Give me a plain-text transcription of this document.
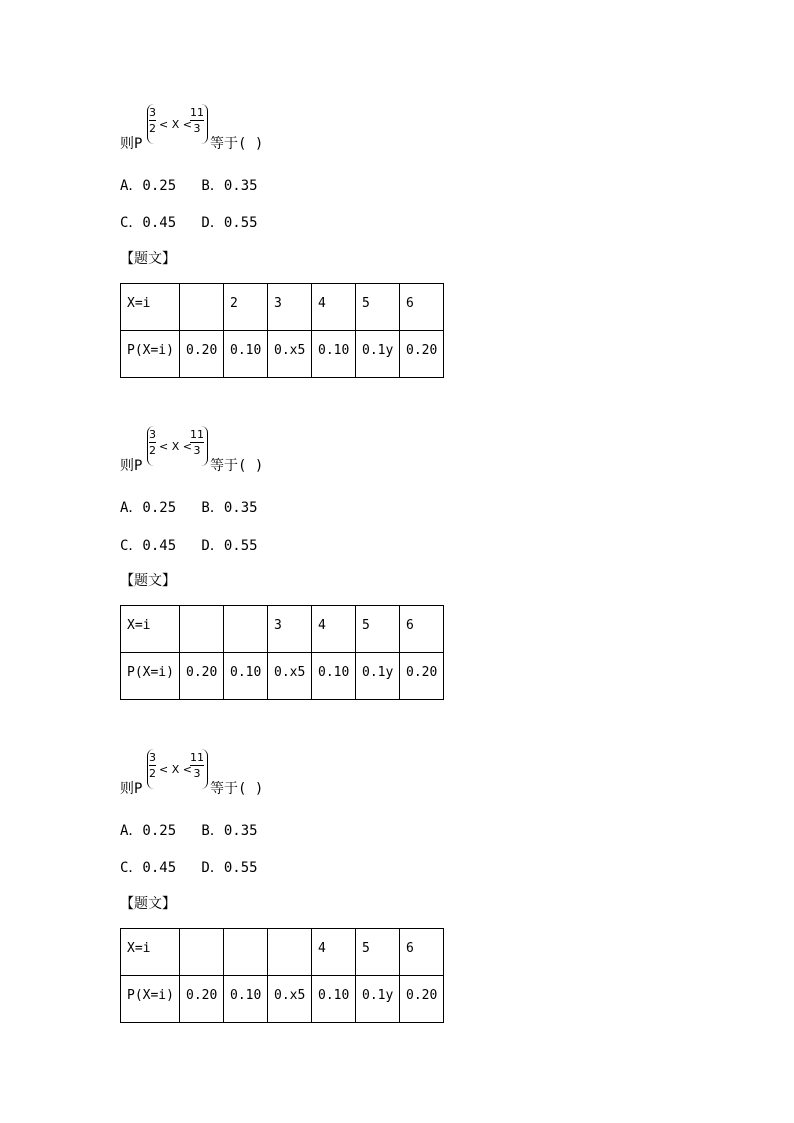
则P
3
2 < X <
11
3
等于( )
A．0.25   B．0.35
C．0.45   D．0.55
【题文】
X=i		2	3	4	5	6
P(X=i)	0.20	0.10	0.x5	0.10	0.1y	0.20
则P
3
2 < X <
11
3
等于( )
A．0.25   B．0.35
C．0.45   D．0.55
【题文】
X=i			3	4	5	6
P(X=i)	0.20	0.10	0.x5	0.10	0.1y	0.20
则P
3
2 < X <
11
3
等于( )
A．0.25   B．0.35
C．0.45   D．0.55
【题文】
X=i				4	5	6
P(X=i)	0.20	0.10	0.x5	0.10	0.1y	0.20
